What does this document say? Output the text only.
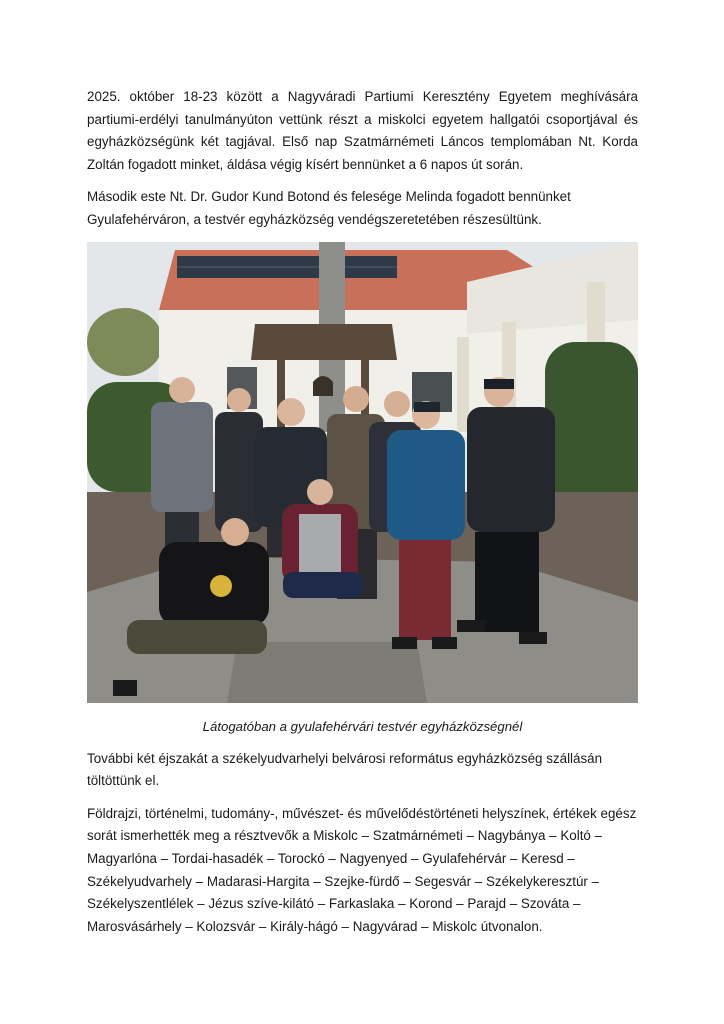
2025. október 18-23 között a Nagyváradi Partiumi Keresztény Egyetem meghívására partiumi-erdélyi tanulmányúton vettünk részt a miskolci egyetem hallgatói csoportjával és egyházközségünk két tagjával. Első nap Szatmárnémeti Láncos templomában Nt. Korda Zoltán fogadott minket, áldása végig kísért bennünket a 6 napos út során.

Második este Nt. Dr. Gudor Kund Botond és felesége Melinda fogadott bennünket Gyulafehérváron, a testvér egyházközség vendégszeretetében részesültünk.

Látogatóban a gyulafehérvári testvér egyházközségnél

További két éjszakát a székelyudvarhelyi belvárosi református egyházközség szállásán töltöttünk el.

Földrajzi, történelmi, tudomány-, művészet- és művelődéstörténeti helyszínek, értékek egész sorát ismerhették meg a résztvevők a Miskolc – Szatmárnémeti – Nagybánya – Koltó – Magyarlóna – Tordai-hasadék – Torockó – Nagyenyed – Gyulafehérvár – Keresd – Székelyudvarhely – Madarasi-Hargita – Szejke-fürdő – Segesvár – Székelykeresztúr – Székelyszentlélek – Jézus szíve-kilátó – Farkaslaka – Korond – Parajd – Szováta – Marosvásárhely – Kolozsvár – Király-hágó – Nagyvárad – Miskolc útvonalon.
